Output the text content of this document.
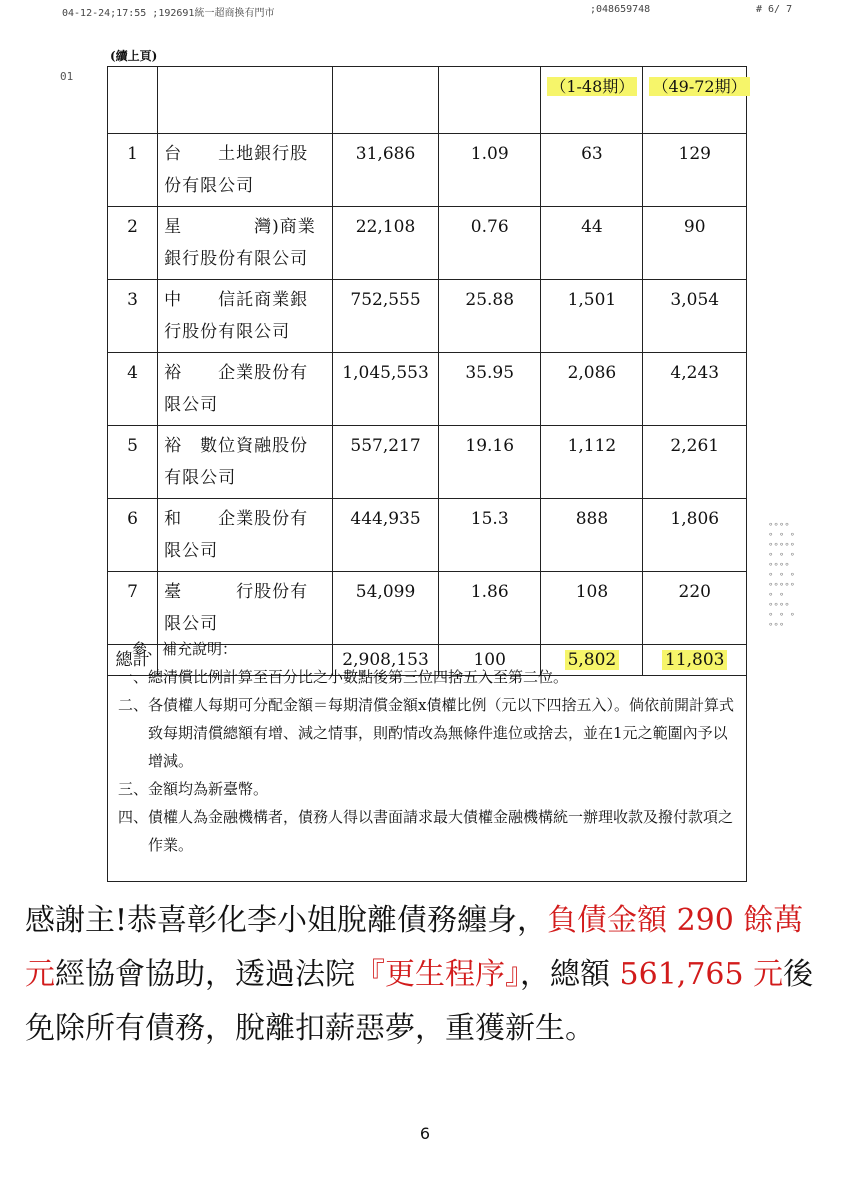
04-12-24;17:55 ;192691統一超商換有門市	;048659748	# 6/ 7
(續上頁)
01
				（1-48期）	（49-72期）
1	台　　土地銀行股份有限公司	31,686	1.09	63	129
2	星　　　　灣)商業銀行股份有限公司	22,108	0.76	44	90
3	中　　信託商業銀行股份有限公司	752,555	25.88	1,501	3,054
4	裕　　企業股份有限公司	1,045,553	35.95	2,086	4,243
5	裕　數位資融股份有限公司	557,217	19.16	1,112	2,261
6	和　　企業股份有限公司	444,935	15.3	888	1,806
7	臺　　　行股份有限公司	54,099	1.86	108	220
總計		2,908,153	100	5,802	11,803
參、補充說明：
一、 總清償比例計算至百分比之小數點後第三位四捨五入至第二位。
二、 各債權人每期可分配金額＝每期清償金額x債權比例（元以下四捨五入）。倘依前開計算式致每期清償總額有增、減之情事，則酌情改為無條件進位或捨去，並在1元之範圍內予以增減。
三、 金額均為新臺幣。
四、 債權人為金融機構者，債務人得以書面請求最大債權金融機構統一辦理收款及撥付款項之作業。
感謝主!恭喜彰化李小姐脫離債務纏身，負債金額 290 餘萬元經協會協助，透過法院『更生程序』，總額 561,765 元後免除所有債務，脫離扣薪惡夢，重獲新生。
6
∘∘∘∘
∘ ∘ ∘
∘∘∘∘∘
∘ ∘ ∘
∘∘∘∘
∘ ∘ ∘
∘∘∘∘∘
∘ ∘
∘∘∘∘
∘ ∘ ∘
∘∘∘
